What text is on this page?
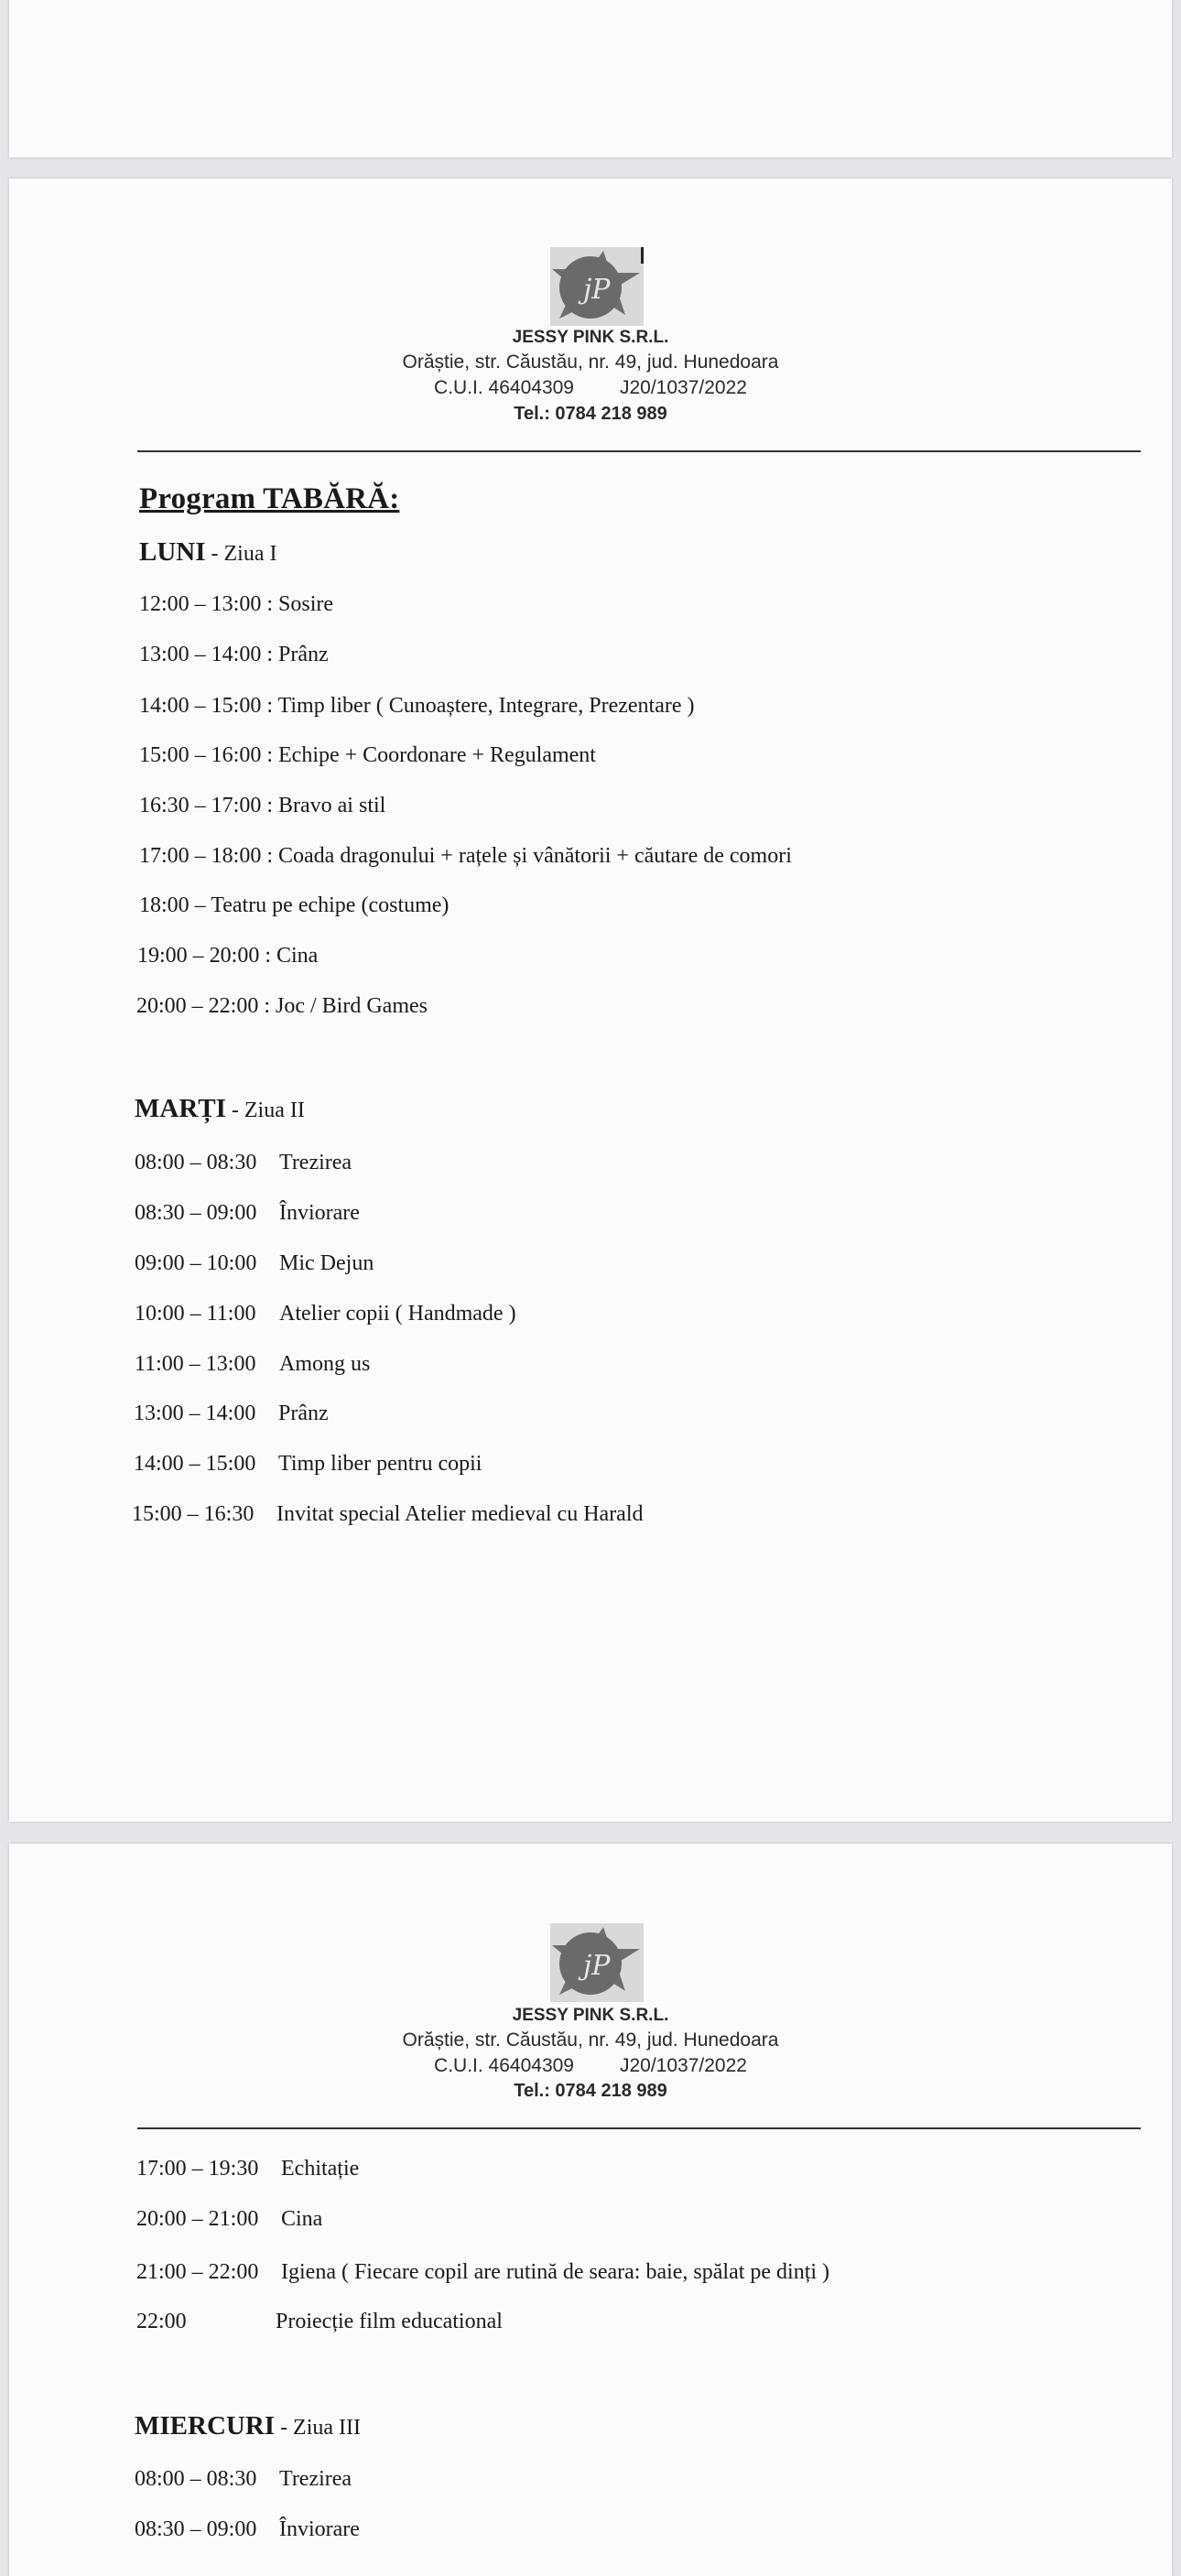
jP
JESSY PINK S.R.L.
Orăștie, str. Căustău, nr. 49, jud. Hunedoara
C.U.I. 46404309 J20/1037/2022
Tel.: 0784 218 989
Program TABĂRĂ:
LUNI - Ziua I
12:00 – 13:00 : Sosire
13:00 – 14:00 : Prânz
14:00 – 15:00 : Timp liber ( Cunoaștere, Integrare, Prezentare )
15:00 – 16:00 : Echipe + Coordonare + Regulament
16:30 – 17:00 : Bravo ai stil
17:00 – 18:00 : Coada dragonului + rațele și vânătorii + căutare de comori
18:00 – Teatru pe echipe (costume)
19:00 – 20:00 : Cina
20:00 – 22:00 : Joc / Bird Games
MARȚI - Ziua II
08:00 – 08:30 Trezirea
08:30 – 09:00 Înviorare
09:00 – 10:00 Mic Dejun
10:00 – 11:00 Atelier copii ( Handmade )
11:00 – 13:00 Among us
13:00 – 14:00 Prânz
14:00 – 15:00 Timp liber pentru copii
15:00 – 16:30 Invitat special Atelier medieval cu Harald
jP
JESSY PINK S.R.L.
Orăștie, str. Căustău, nr. 49, jud. Hunedoara
C.U.I. 46404309 J20/1037/2022
Tel.: 0784 218 989
17:00 – 19:30 Echitație
20:00 – 21:00 Cina
21:00 – 22:00 Igiena ( Fiecare copil are rutină de seara: baie, spălat pe dinți )
22:00	Proiecție film educational
MIERCURI - Ziua III
08:00 – 08:30 Trezirea
08:30 – 09:00 Înviorare
